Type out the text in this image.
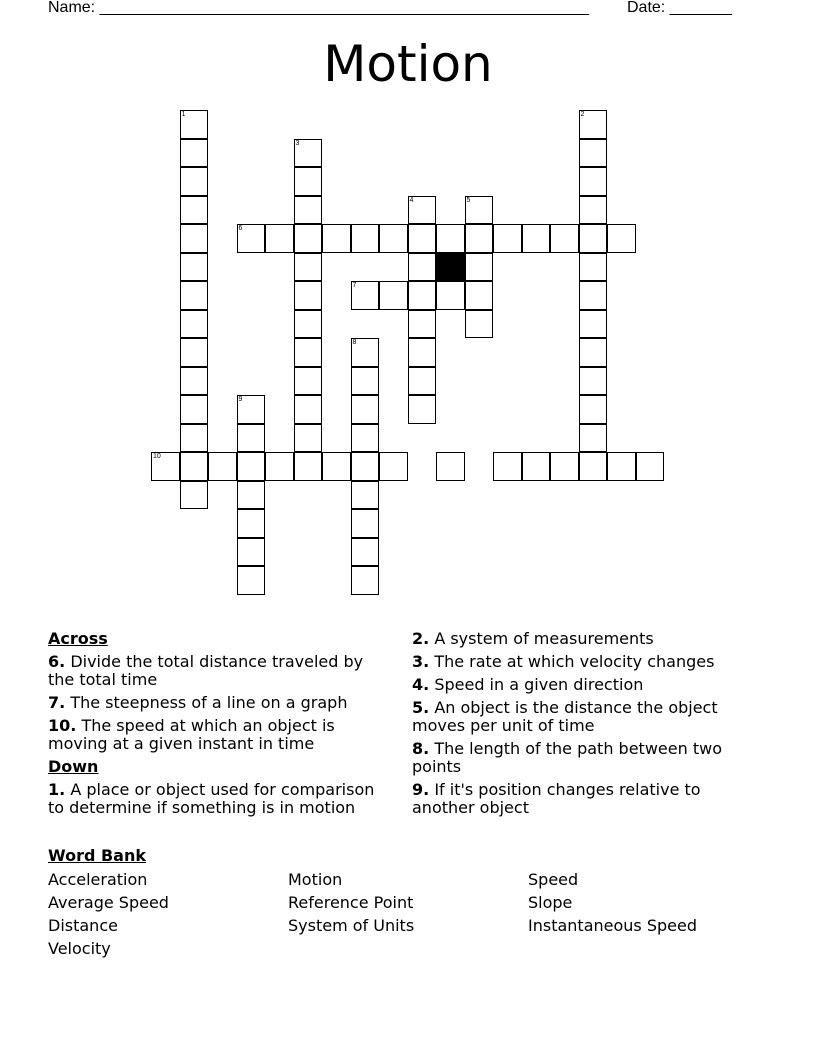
Name: _______________________________________________________ Date: _______
Motion
1	2
3
4	5
6
7
8
9
10
Across
6. Divide the total distance traveled by the total time
7. The steepness of a line on a graph
10. The speed at which an object is moving at a given instant in time
Down
1. A place or object used for comparison to determine if something is in motion
2. A system of measurements
3. The rate at which velocity changes
4. Speed in a given direction
5. An object is the distance the object moves per unit of time
8. The length of the path between two points
9. If it's position changes relative to another object
Word Bank
Acceleration	Motion	Speed
Average Speed	Reference Point	Slope
Distance	System of Units	Instantaneous Speed
Velocity
